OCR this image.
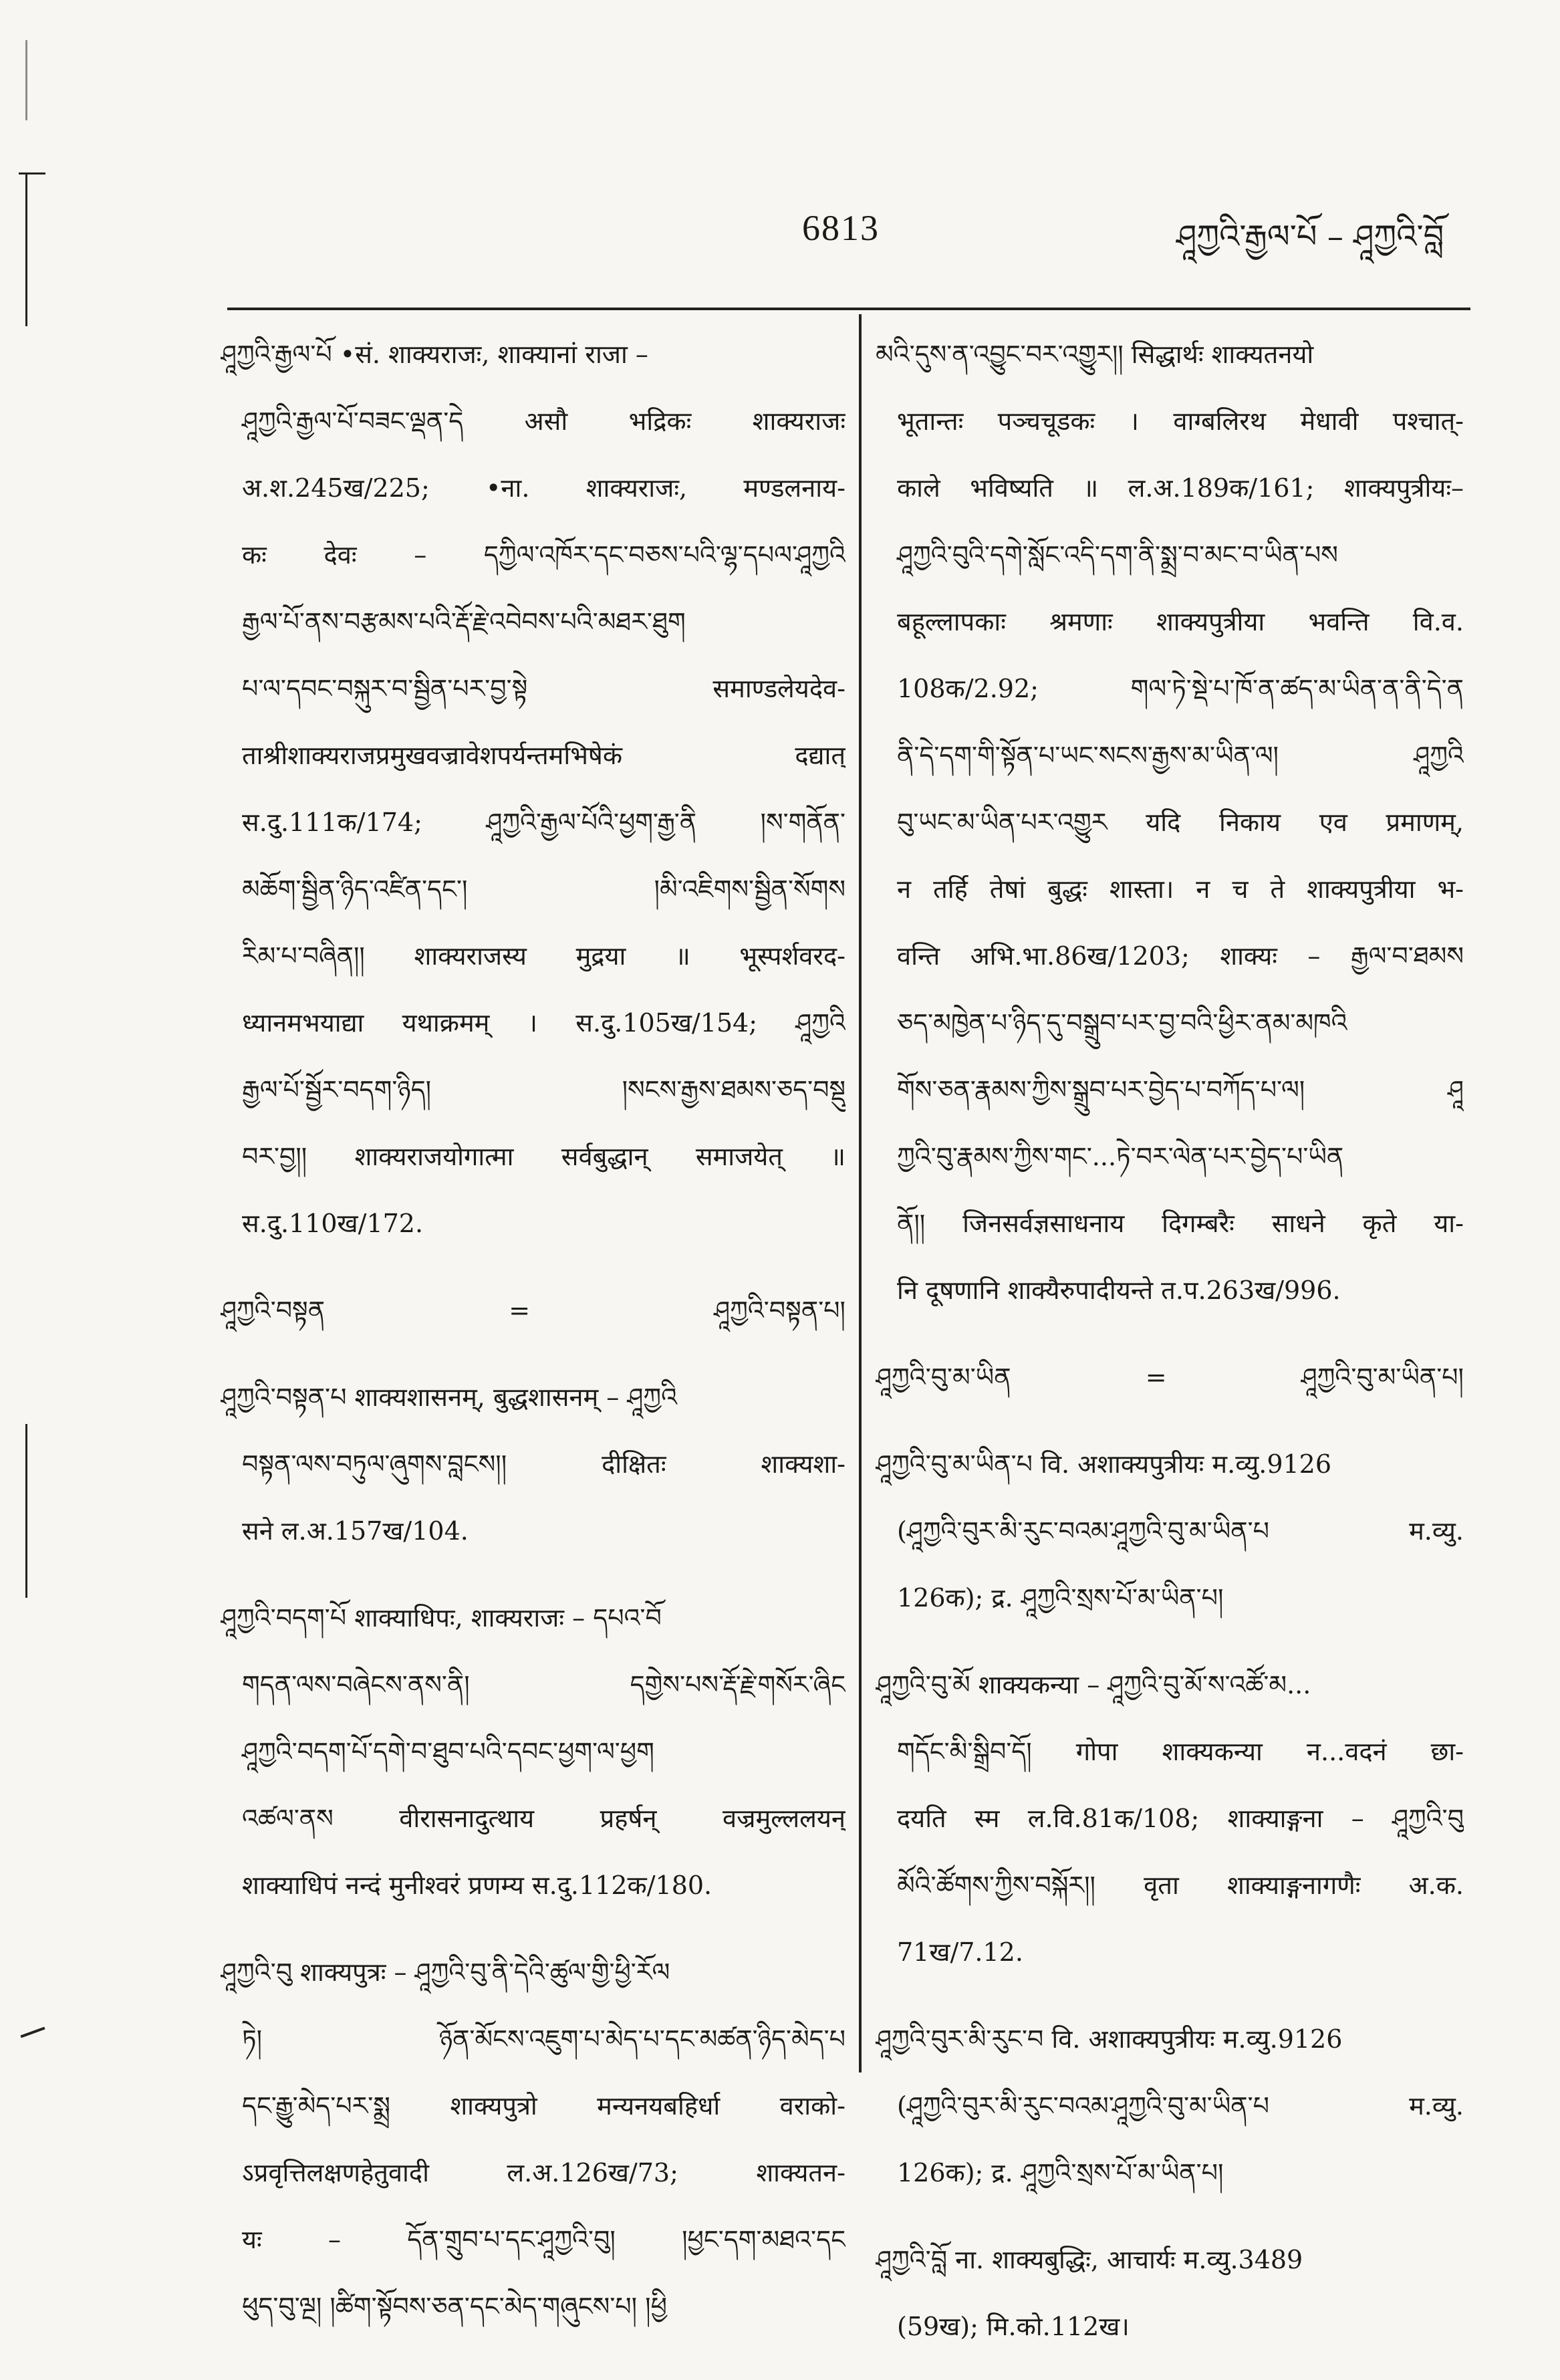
6813	ཤཱཀྱའི་རྒྱལ་པོ – ཤཱཀྱའི་བློ
ཤཱཀྱའི་རྒྱལ་པོ •सं. शाक्यराजः, शाक्यानां राजा –
ཤཱཀྱའི་རྒྱལ་པོ་བཟང་ལྡན་དེ असौ भद्रिकः शाक्यराजः
अ.श.245ख/225; •ना. शाक्यराजः, मण्डलनाय-
कः देवः – དཀྱིལ་འཁོར་དང་བཅས་པའི་ལྷ་དཔལ་ཤཱཀྱའི
རྒྱལ་པོ་ནས་བརྩམས་པའི་རྡོ་རྗེ་འབེབས་པའི་མཐར་ཐུག
པ་ལ་དབང་བསྐུར་བ་སྦྱིན་པར་བྱ་སྟེ समाण्डलेयदेव-
ताश्रीशाक्यराजप्रमुखवज्रावेशपर्यन्तमभिषेकं दद्यात्
स.दु.111क/174; ཤཱཀྱའི་རྒྱལ་པོའི་ཕྱག་རྒྱ་ནི །ས་གནོན་
མཆོག་སྦྱིན་ཉིད་འཛིན་དང་། །མི་འཇིགས་སྦྱིན་སོགས
རིམ་པ་བཞིན།། शाक्यराजस्य मुद्रया ॥ भूस्पर्शवरद-
ध्यानमभयाद्या यथाक्रमम् । स.दु.105ख/154; ཤཱཀྱའི
རྒྱལ་པོ་སྦྱོར་བདག་ཉིད། །སངས་རྒྱས་ཐམས་ཅད་བསྡུ
བར་བྱ།། शाक्यराजयोगात्मा सर्वबुद्धान् समाजयेत् ॥
स.दु.110ख/172.
ཤཱཀྱའི་བསྟན	=	ཤཱཀྱའི་བསྟན་པ།
ཤཱཀྱའི་བསྟན་པ शाक्यशासनम्, बुद्धशासनम् – ཤཱཀྱའི
བསྟན་ལས་བཏུལ་ཞུགས་བླངས།། दीक्षितः शाक्यशा-
सने ल.अ.157ख/104.
ཤཱཀྱའི་བདག་པོ शाक्याधिपः, शाक्यराजः – དཔའ་བོ
གདན་ལས་བཞེངས་ནས་ནི། དགྱེས་པས་རྡོ་རྗེ་གསོར་ཞིང
ཤཱཀྱའི་བདག་པོ་དགེ་བ་ཐུབ་པའི་དབང་ཕྱག་ལ་ཕྱག
འཚལ་ནས वीरासनादुत्थाय प्रहर्षन् वज्रमुल्ललयन्
शाक्याधिपं नन्दं मुनीश्वरं प्रणम्य स.दु.112क/180.
ཤཱཀྱའི་བུ शाक्यपुत्रः – ཤཱཀྱའི་བུ་ནི་དེའི་ཚུལ་གྱི་ཕྱི་རོལ
ཏེ། ཉོན་མོངས་འཇུག་པ་མེད་པ་དང་མཚན་ཉིད་མེད་པ
དང་རྒྱུ་མེད་པར་སྨྲ शाक्यपुत्रो मन्यनयबहिर्धा वराको-
ऽप्रवृत्तिलक्षणहेतुवादी ल.अ.126ख/73; शाक्यतन-
यः – དོན་གྲུབ་པ་དང་ཤཱཀྱའི་བུ། །ཕྱང་དག་མཐའ་དང
ཕུད་བུ་ལྔ། །ཚིག་སྟོབས་ཅན་དང་མེད་གཞུངས་པ། །ཕྱི
མའི་དུས་ན་འབྱུང་བར་འགྱུར།། सिद्धार्थः शाक्यतनयो
भूतान्तः पञ्चचूडकः । वाग्बलिरथ मेधावी पश्चात्-
काले भविष्यति ॥ ल.अ.189क/161; शाक्यपुत्रीयः–
ཤཱཀྱའི་བུའི་དགེ་སློང་འདི་དག་ནི་སྨྲ་བ་མང་བ་ཡིན་པས
बहूल्लापकाः श्रमणाः शाक्यपुत्रीया भवन्ति वि.व.
108क/2.92; གལ་ཏེ་སྡེ་པ་ཁོ་ན་ཚད་མ་ཡིན་ན་ནི་དེ་ན
ནི་དེ་དག་གི་སྟོན་པ་ཡང་སངས་རྒྱས་མ་ཡིན་ལ། ཤཱཀྱའི
བུ་ཡང་མ་ཡིན་པར་འགྱུར यदि निकाय एव प्रमाणम्,
न तर्हि तेषां बुद्धः शास्ता। न च ते शाक्यपुत्रीया भ-
वन्ति अभि.भा.86ख/1203; शाक्यः – རྒྱལ་བ་ཐམས
ཅད་མཁྱེན་པ་ཉིད་དུ་བསྒྲུབ་པར་བྱ་བའི་ཕྱིར་ནམ་མཁའི
གོས་ཅན་རྣམས་ཀྱིས་སྒྲུབ་པར་བྱེད་པ་བཀོད་པ་ལ། ཤཱ
ཀྱའི་བུ་རྣམས་ཀྱིས་གང་...ཏེ་བར་ལེན་པར་བྱེད་པ་ཡིན
ནོ།། जिनसर्वज्ञसाधनाय दिगम्बरैः साधने कृते या-
नि दूषणानि शाक्यैरुपादीयन्ते त.प.263ख/996.
ཤཱཀྱའི་བུ་མ་ཡིན	=	ཤཱཀྱའི་བུ་མ་ཡིན་པ།
ཤཱཀྱའི་བུ་མ་ཡིན་པ वि. अशाक्यपुत्रीयः म.व्यु.9126
(ཤཱཀྱའི་བུར་མི་རུང་བའམ་ཤཱཀྱའི་བུ་མ་ཡིན་པ म.व्यु.
126क); द्र. ཤཱཀྱའི་སྲས་པོ་མ་ཡིན་པ།
ཤཱཀྱའི་བུ་མོ शाक्यकन्या – ཤཱཀྱའི་བུ་མོ་ས་འཚོ་མ...
གདོང་མི་སྒྲིབ་དོ། गोपा शाक्यकन्या न...वदनं छा-
दयति स्म ल.वि.81क/108; शाक्याङ्गना – ཤཱཀྱའི་བུ
མོའི་ཚོགས་ཀྱིས་བསྐོར།། वृता शाक्याङ्गनागणैः अ.क.
71ख/7.12.
ཤཱཀྱའི་བུར་མི་རུང་བ वि. अशाक्यपुत्रीयः म.व्यु.9126
(ཤཱཀྱའི་བུར་མི་རུང་བའམ་ཤཱཀྱའི་བུ་མ་ཡིན་པ म.व्यु.
126क); द्र. ཤཱཀྱའི་སྲས་པོ་མ་ཡིན་པ།
ཤཱཀྱའི་བློ ना. शाक्यबुद्धिः, आचार्यः म.व्यु.3489
(59ख); मि.को.112ख।
